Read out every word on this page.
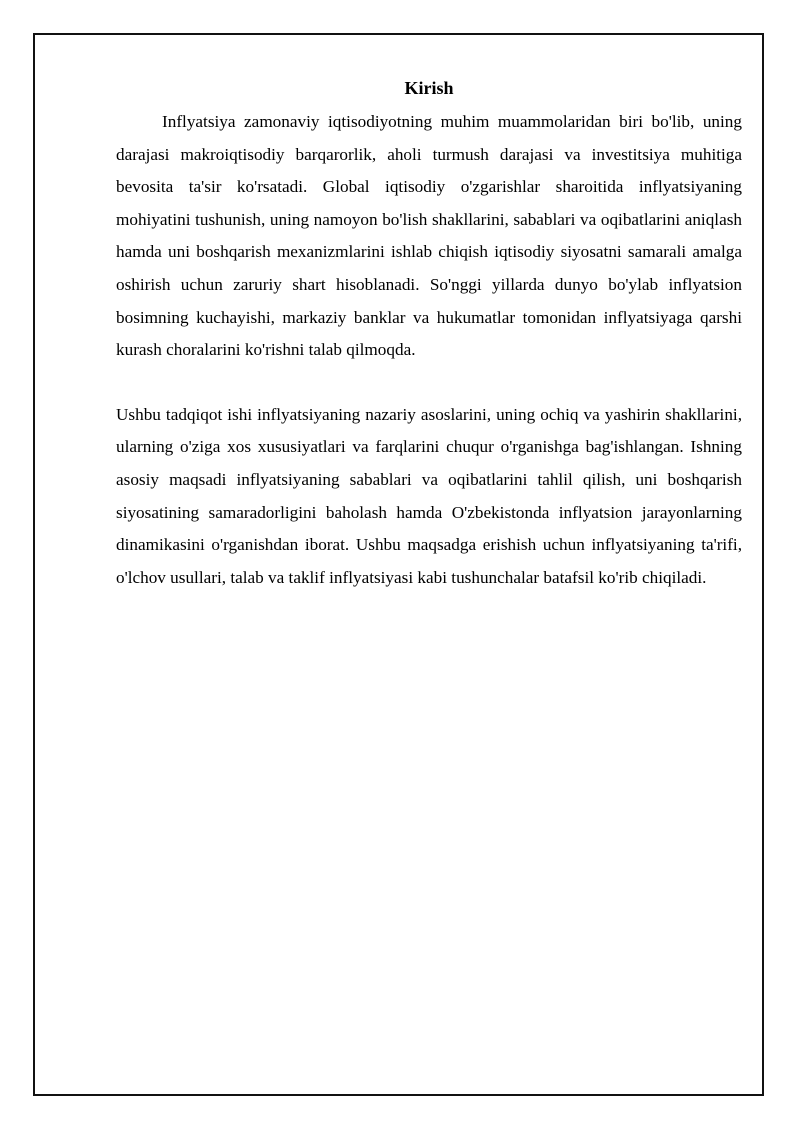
Kirish

Inflyatsiya zamonaviy iqtisodiyotning muhim muammolaridan biri bo'lib, uning darajasi makroiqtisodiy barqarorlik, aholi turmush darajasi va investitsiya muhitiga bevosita ta'sir ko'rsatadi. Global iqtisodiy o'zgarishlar sharoitida inflyatsiyaning mohiyatini tushunish, uning namoyon bo'lish shakllarini, sabablari va oqibatlarini aniqlash hamda uni boshqarish mexanizmlarini ishlab chiqish iqtisodiy siyosatni samarali amalga oshirish uchun zaruriy shart hisoblanadi. So'nggi yillarda dunyo bo'ylab inflyatsion bosimning kuchayishi, markaziy banklar va hukumatlar tomonidan inflyatsiyaga qarshi kurash choralarini ko'rishni talab qilmoqda.

Ushbu tadqiqot ishi inflyatsiyaning nazariy asoslarini, uning ochiq va yashirin shakllarini, ularning o'ziga xos xususiyatlari va farqlarini chuqur o'rganishga bag'ishlangan. Ishning asosiy maqsadi inflyatsiyaning sabablari va oqibatlarini tahlil qilish, uni boshqarish siyosatining samaradorligini baholash hamda O'zbekistonda inflyatsion jarayonlarning dinamikasini o'rganishdan iborat. Ushbu maqsadga erishish uchun inflyatsiyaning ta'rifi, o'lchov usullari, talab va taklif inflyatsiyasi kabi tushunchalar batafsil ko'rib chiqiladi.
